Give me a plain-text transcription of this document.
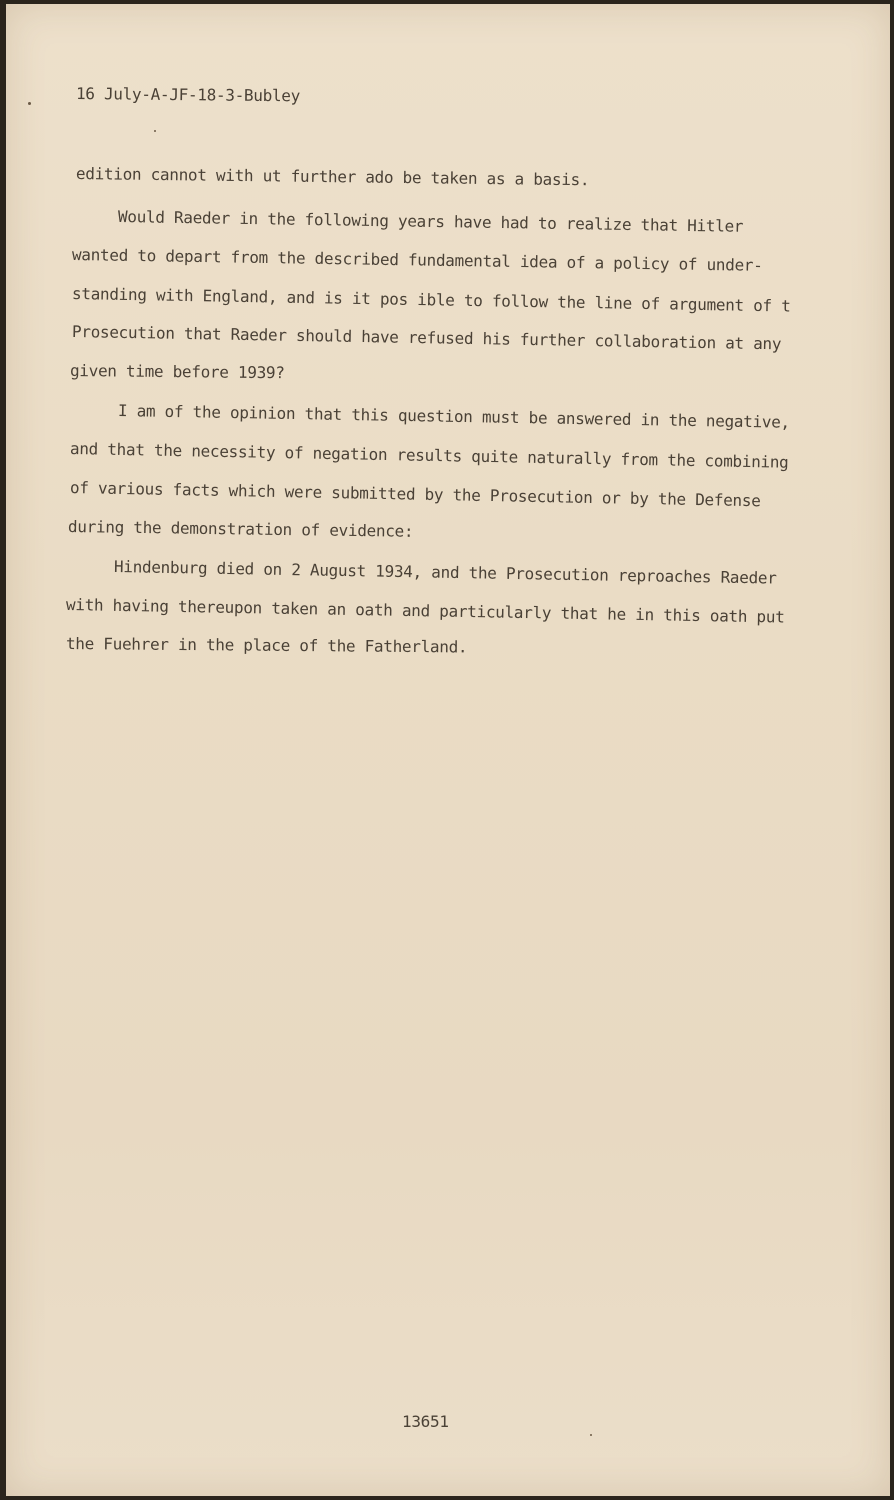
16 July-A-JF-18-3-Bubley
edition cannot with ut further ado be taken as a basis.
Would Raeder in the following years have had to realize that Hitler
wanted to depart from the described fundamental idea of a policy of under-
standing with England, and is it pos ible to follow the line of argument of t
Prosecution that Raeder should have refused his further collaboration at any
given time before 1939?
I am of the opinion that this question must be answered in the negative,
and that the necessity of negation results quite naturally from the combining
of various facts which were submitted by the Prosecution or by the Defense
during the demonstration of evidence:
Hindenburg died on 2 August 1934, and the Prosecution reproaches Raeder
with having thereupon taken an oath and particularly that he in this oath put
the Fuehrer in the place of the Fatherland.
13651
